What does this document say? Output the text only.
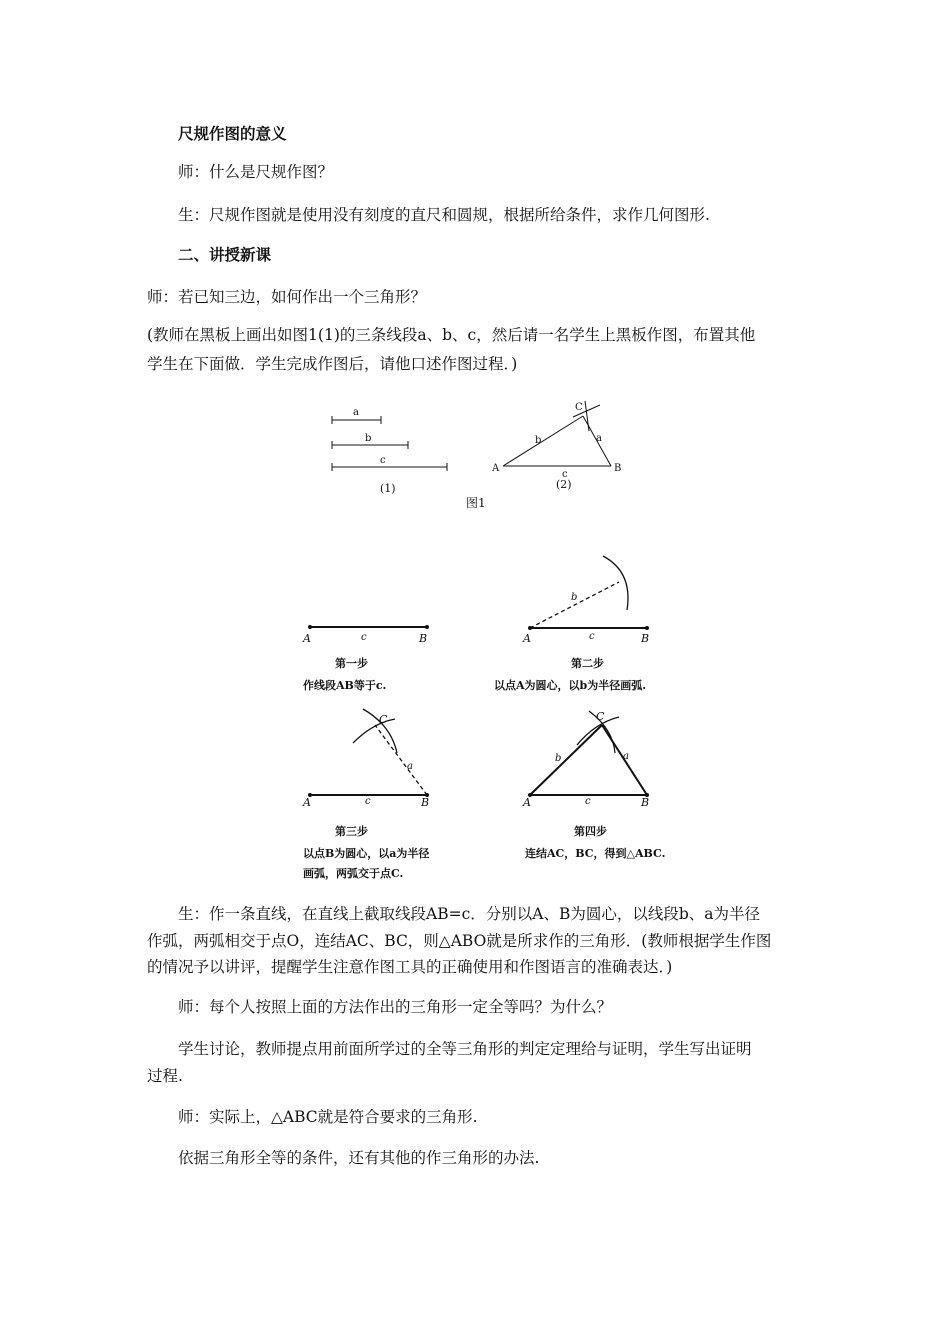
尺规作图的意义
师：什么是尺规作图？
生：尺规作图就是使用没有刻度的直尺和圆规，根据所给条件，求作几何图形.
二、讲授新课
师：若已知三边，如何作出一个三角形？
(教师在黑板上画出如图1(1)的三条线段a、b、c，然后请一名学生上黑板作图，布置其他
学生在下面做．学生完成作图后，请他口述作图过程．)
a
b
c
(1)
A	B
C
b	a
c
(2)
图1
A	c	B
第一步
作线段AB等于c.
A	c	B
b
第二步
以点A为圆心，以b为半径画弧.
A	c	B
C
a
第三步
以点B为圆心，以a为半径
画弧，两弧交于点C.
A	c	B
C
b	a
第四步
连结AC，BC，得到△ABC.
生：作一条直线，在直线上截取线段AB=c．分别以A、B为圆心，以线段b、a为半径
作弧，两弧相交于点O，连结AC、BC，则△ABO就是所求作的三角形．(教师根据学生作图
的情况予以讲评，提醒学生注意作图工具的正确使用和作图语言的准确表达．)
师：每个人按照上面的方法作出的三角形一定全等吗？为什么？
学生讨论，教师提点用前面所学过的全等三角形的判定定理给与证明，学生写出证明
过程.
师：实际上，△ABC就是符合要求的三角形.
依据三角形全等的条件，还有其他的作三角形的办法.
